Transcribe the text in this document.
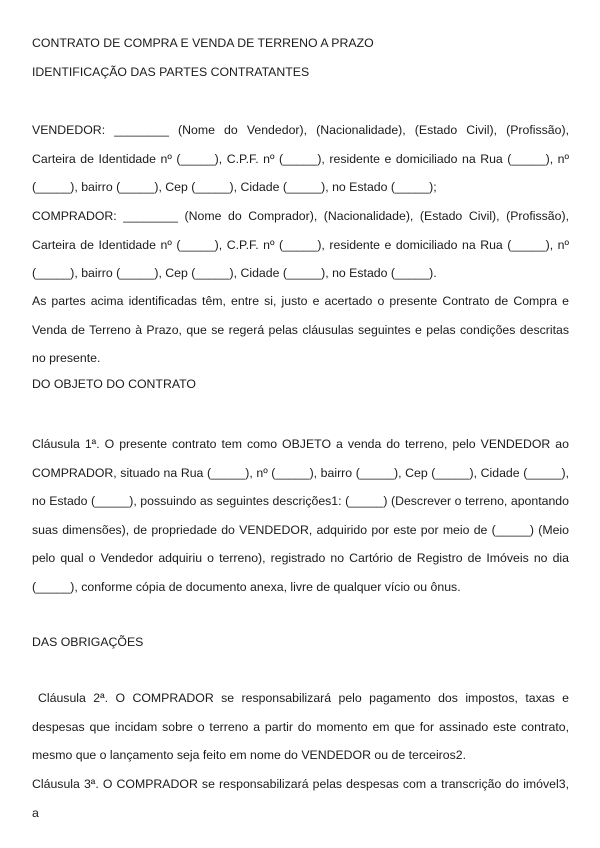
CONTRATO DE COMPRA E VENDA DE TERRENO A PRAZO
IDENTIFICAÇÃO DAS PARTES CONTRATANTES

VENDEDOR: ________ (Nome do Vendedor), (Nacionalidade), (Estado Civil), (Profissão), Carteira de Identidade nº (_____), C.P.F. nº (_____), residente e domiciliado na Rua (_____), nº (_____), bairro (_____), Cep (_____), Cidade (_____), no Estado (_____);

COMPRADOR: ________ (Nome do Comprador), (Nacionalidade), (Estado Civil), (Profissão), Carteira de Identidade nº (_____), C.P.F. nº (_____), residente e domiciliado na Rua (_____), nº (_____), bairro (_____), Cep (_____), Cidade (_____), no Estado (_____).

As partes acima identificadas têm, entre si, justo e acertado o presente Contrato de Compra e Venda de Terreno à Prazo, que se regerá pelas cláusulas seguintes e pelas condições descritas no presente.

DO OBJETO DO CONTRATO

Cláusula 1ª. O presente contrato tem como OBJETO a venda do terreno, pelo VENDEDOR ao COMPRADOR, situado na Rua (_____), nº (_____), bairro (_____), Cep (_____), Cidade (_____), no Estado (_____), possuindo as seguintes descrições1: (_____) (Descrever o terreno, apontando suas dimensões), de propriedade do VENDEDOR, adquirido por este por meio de (_____) (Meio pelo qual o Vendedor adquiriu o terreno), registrado no Cartório de Registro de Imóveis no dia (_____), conforme cópia de documento anexa, livre de qualquer vício ou ônus.

DAS OBRIGAÇÕES

Cláusula 2ª. O COMPRADOR se responsabilizará pelo pagamento dos impostos, taxas e despesas que incidam sobre o terreno a partir do momento em que for assinado este contrato, mesmo que o lançamento seja feito em nome do VENDEDOR ou de terceiros2.

Cláusula 3ª. O COMPRADOR se responsabilizará pelas despesas com a transcrição do imóvel3, a
